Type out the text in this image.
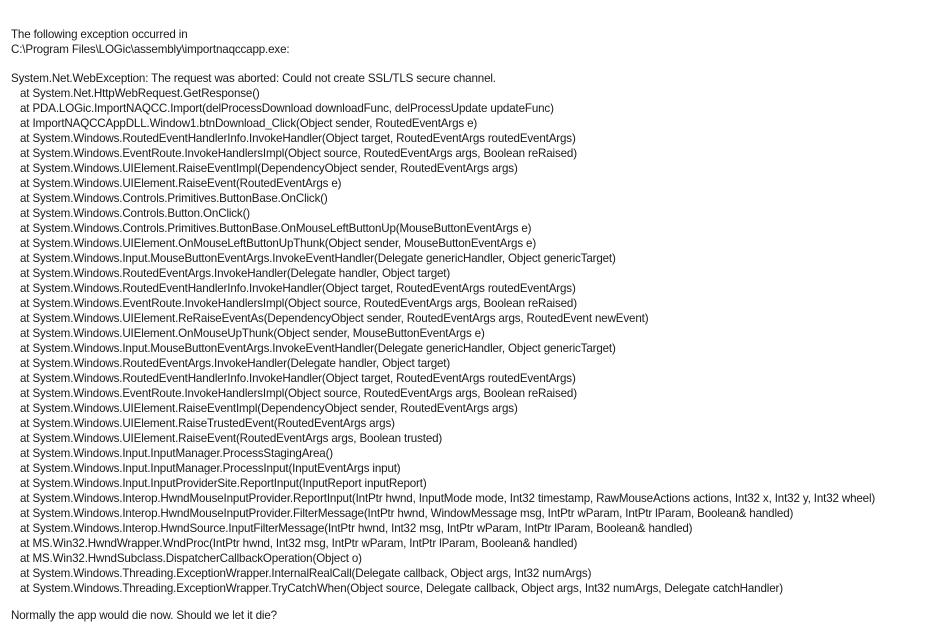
The following exception occurred in
C:\Program Files\LOGic\assembly\importnaqccapp.exe:
System.Net.WebException: The request was aborted: Could not create SSL/TLS secure channel.
at System.Net.HttpWebRequest.GetResponse()
at PDA.LOGic.ImportNAQCC.Import(delProcessDownload downloadFunc, delProcessUpdate updateFunc)
at ImportNAQCCAppDLL.Window1.btnDownload_Click(Object sender, RoutedEventArgs e)
at System.Windows.RoutedEventHandlerInfo.InvokeHandler(Object target, RoutedEventArgs routedEventArgs)
at System.Windows.EventRoute.InvokeHandlersImpl(Object source, RoutedEventArgs args, Boolean reRaised)
at System.Windows.UIElement.RaiseEventImpl(DependencyObject sender, RoutedEventArgs args)
at System.Windows.UIElement.RaiseEvent(RoutedEventArgs e)
at System.Windows.Controls.Primitives.ButtonBase.OnClick()
at System.Windows.Controls.Button.OnClick()
at System.Windows.Controls.Primitives.ButtonBase.OnMouseLeftButtonUp(MouseButtonEventArgs e)
at System.Windows.UIElement.OnMouseLeftButtonUpThunk(Object sender, MouseButtonEventArgs e)
at System.Windows.Input.MouseButtonEventArgs.InvokeEventHandler(Delegate genericHandler, Object genericTarget)
at System.Windows.RoutedEventArgs.InvokeHandler(Delegate handler, Object target)
at System.Windows.RoutedEventHandlerInfo.InvokeHandler(Object target, RoutedEventArgs routedEventArgs)
at System.Windows.EventRoute.InvokeHandlersImpl(Object source, RoutedEventArgs args, Boolean reRaised)
at System.Windows.UIElement.ReRaiseEventAs(DependencyObject sender, RoutedEventArgs args, RoutedEvent newEvent)
at System.Windows.UIElement.OnMouseUpThunk(Object sender, MouseButtonEventArgs e)
at System.Windows.Input.MouseButtonEventArgs.InvokeEventHandler(Delegate genericHandler, Object genericTarget)
at System.Windows.RoutedEventArgs.InvokeHandler(Delegate handler, Object target)
at System.Windows.RoutedEventHandlerInfo.InvokeHandler(Object target, RoutedEventArgs routedEventArgs)
at System.Windows.EventRoute.InvokeHandlersImpl(Object source, RoutedEventArgs args, Boolean reRaised)
at System.Windows.UIElement.RaiseEventImpl(DependencyObject sender, RoutedEventArgs args)
at System.Windows.UIElement.RaiseTrustedEvent(RoutedEventArgs args)
at System.Windows.UIElement.RaiseEvent(RoutedEventArgs args, Boolean trusted)
at System.Windows.Input.InputManager.ProcessStagingArea()
at System.Windows.Input.InputManager.ProcessInput(InputEventArgs input)
at System.Windows.Input.InputProviderSite.ReportInput(InputReport inputReport)
at System.Windows.Interop.HwndMouseInputProvider.ReportInput(IntPtr hwnd, InputMode mode, Int32 timestamp, RawMouseActions actions, Int32 x, Int32 y, Int32 wheel)
at System.Windows.Interop.HwndMouseInputProvider.FilterMessage(IntPtr hwnd, WindowMessage msg, IntPtr wParam, IntPtr lParam, Boolean& handled)
at System.Windows.Interop.HwndSource.InputFilterMessage(IntPtr hwnd, Int32 msg, IntPtr wParam, IntPtr lParam, Boolean& handled)
at MS.Win32.HwndWrapper.WndProc(IntPtr hwnd, Int32 msg, IntPtr wParam, IntPtr lParam, Boolean& handled)
at MS.Win32.HwndSubclass.DispatcherCallbackOperation(Object o)
at System.Windows.Threading.ExceptionWrapper.InternalRealCall(Delegate callback, Object args, Int32 numArgs)
at System.Windows.Threading.ExceptionWrapper.TryCatchWhen(Object source, Delegate callback, Object args, Int32 numArgs, Delegate catchHandler)
Normally the app would die now. Should we let it die?
